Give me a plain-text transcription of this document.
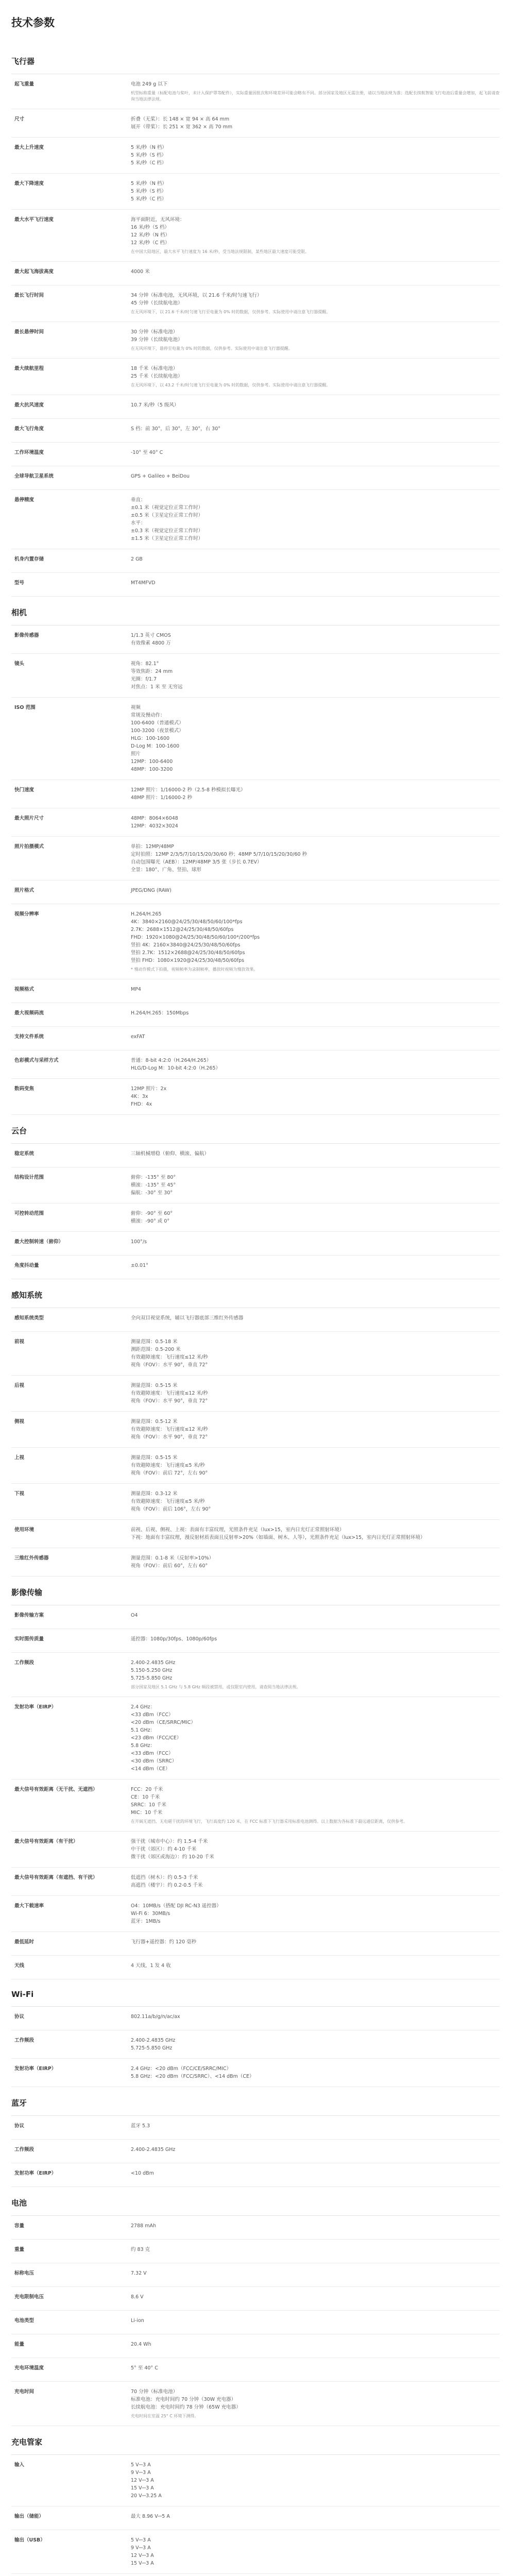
技术参数
飞行器
起飞重量	电池 249 g 以下
机型标称重量（标配电池与桨叶，未计入保护罩等配件），实际重量因批次和环境差异可能会略有不同。部分国家及地区无需注册，请以当地法规为准；选配长续航智能飞行电池后重量会增加，起飞前请查询当地法律法规。
尺寸	折叠（无桨）：长 148 × 宽 94 × 高 64 mm
展开（带桨）：长 251 × 宽 362 × 高 70 mm
最大上升速度	5 米/秒（N 档）
5 米/秒（S 档）
5 米/秒（C 档）
最大下降速度	5 米/秒（N 档）
5 米/秒（S 档）
5 米/秒（C 档）
最大水平飞行速度	海平面附近，无风环境：
16 米/秒（S 档）
12 米/秒（N 档）
12 米/秒（C 档）
在中国大陆地区，最大水平飞行速度为 16 米/秒，受当地法规限制，某些地区最大速度可能受限。
最大起飞海拔高度	4000 米
最长飞行时间	34 分钟（标准电池，无风环境，以 21.6 千米/时匀速飞行）
45 分钟（长续航电池）
在无风环境下，以 21.6 千米/时匀速飞行至电量为 0% 时的数据，仅供参考。实际使用中请注意飞行器提醒。
最长悬停时间	30 分钟（标准电池）
39 分钟（长续航电池）
在无风环境下，悬停至电量为 0% 时的数据，仅供参考。实际使用中请注意飞行器提醒。
最大续航里程	18 千米（标准电池）
25 千米（长续航电池）
在无风环境下，以 43.2 千米/时匀速飞行至电量为 0% 时的数据，仅供参考。实际使用中请注意飞行器提醒。
最大抗风速度	10.7 米/秒（5 级风）
最大飞行角度	S 档：前 30°，后 30°，左 30°，右 30°
工作环境温度	-10° 至 40° C
全球导航卫星系统	GPS + Galileo + BeiDou
悬停精度	垂直：
±0.1 米（视觉定位正常工作时）
±0.5 米（卫星定位正常工作时）
水平：
±0.3 米（视觉定位正常工作时）
±1.5 米（卫星定位正常工作时）
机身内置存储	2 GB
型号	MT4MFVD
相机
影像传感器	1/1.3 英寸 CMOS
有效像素 4800 万
镜头	视角：82.1°
等效焦距：24 mm
光圈：f/1.7
对焦点：1 米 至 无穷远
ISO 范围	视频
常规及慢动作：
100-6400（普通模式）
100-3200（夜景模式）
HLG：100-1600
D-Log M：100-1600
照片
12MP：100-6400
48MP：100-3200
快门速度	12MP 照片：1/16000-2 秒（2.5-8 秒模拟长曝光）
48MP 照片：1/16000-2 秒
最大照片尺寸	48MP：8064×6048
12MP：4032×3024
照片拍摄模式	单拍：12MP/48MP
定时拍照：12MP 2/3/5/7/10/15/20/30/60 秒；48MP 5/7/10/15/20/30/60 秒
自动包围曝光（AEB）：12MP/48MP 3/5 张（步长 0.7EV）
全景：180°、广角、竖拍、球形
照片格式	JPEG/DNG (RAW)
视频分辨率	H.264/H.265
4K：3840×2160@24/25/30/48/50/60/100*fps
2.7K：2688×1512@24/25/30/48/50/60fps
FHD：1920×1080@24/25/30/48/50/60/100*/200*fps
竖拍 4K：2160×3840@24/25/30/48/50/60fps
竖拍 2.7K：1512×2688@24/25/30/48/50/60fps
竖拍 FHD：1080×1920@24/25/30/48/50/60fps
* 慢动作模式下拍摄，视频帧率为录制帧率，播放时视频为慢放效果。
视频格式	MP4
最大视频码流	H.264/H.265：150Mbps
支持文件系统	exFAT
色彩模式与采样方式	普通：8-bit 4:2:0（H.264/H.265）
HLG/D-Log M：10-bit 4:2:0（H.265）
数码变焦	12MP 照片：2x
4K：3x
FHD：4x
云台
稳定系统	三轴机械增稳（俯仰、横滚、偏航）
结构设计范围	俯仰：-135° 至 80°
横滚：-135° 至 45°
偏航：-30° 至 30°
可控转动范围	俯仰：-90° 至 60°
横滚：-90° 或 0°
最大控制转速（俯仰）	100°/s
角度抖动量	±0.01°
感知系统
感知系统类型	全向双目视觉系统，辅以飞行器底部三维红外传感器
前视	测量范围：0.5-18 米
测距范围：0.5-200 米
有效避障速度：飞行速度≤12 米/秒
视角（FOV）：水平 90°，垂直 72°
后视	测量范围：0.5-15 米
有效避障速度：飞行速度≤12 米/秒
视角（FOV）：水平 90°，垂直 72°
侧视	测量范围：0.5-12 米
有效避障速度：飞行速度≤12 米/秒
视角（FOV）：水平 90°，垂直 72°
上视	测量范围：0.5-15 米
有效避障速度：飞行速度≤5 米/秒
视角（FOV）：前后 72°，左右 90°
下视	测量范围：0.3-12 米
有效避障速度：飞行速度≤5 米/秒
视角（FOV）：前后 106°，左右 90°
使用环境	前视、后视、侧视、上视：表面有丰富纹理，光照条件充足（lux>15，室内日光灯正常照射环境）
下视：地面有丰富纹理，漫反射材质表面且反射率>20%（如墙面、树木、人等），光照条件充足（lux>15，室内日光灯正常照射环境）
三维红外传感器	测量范围：0.1-8 米（反射率>10%）
视角（FOV）：前后 60°，左右 60°
影像传输
影像传输方案	O4
实时图传质量	遥控器：1080p/30fps、1080p/60fps
工作频段	2.400-2.4835 GHz
5.150-5.250 GHz
5.725-5.850 GHz
部分国家及地区 5.1 GHz 与 5.8 GHz 频段被禁用，或仅限室内使用，请查阅当地法律法规。
发射功率（EIRP）	2.4 GHz：
<33 dBm（FCC）
<20 dBm（CE/SRRC/MIC）
5.1 GHz：
<23 dBm（FCC/CE）
5.8 GHz：
<33 dBm（FCC）
<30 dBm（SRRC）
<14 dBm（CE）
最大信号有效距离（无干扰、无遮挡）	FCC：20 千米
CE：10 千米
SRRC：10 千米
MIC：10 千米
在开阔无遮挡、无电磁干扰的环境飞行，飞行高度约 120 米，在 FCC 标准下飞行器采用标准电池测得。以上数据为各标准下最远通信距离，仅供参考。
最大信号有效距离（有干扰）	强干扰（城市中心）：约 1.5-4 千米
中干扰（郊区）：约 4-10 千米
微干扰（郊区或海边）：约 10-20 千米
最大信号有效距离（有遮挡、有干扰）	低遮挡（树木）：约 0.5-3 千米
高遮挡（楼宇）：约 0.2-0.5 千米
最大下载速率	O4：10MB/s（搭配 DJI RC-N3 遥控器）
Wi-Fi 6：30MB/s
蓝牙：1MB/s
最低延时	飞行器+遥控器：约 120 毫秒
天线	4 天线，1 发 4 收
Wi-Fi
协议	802.11a/b/g/n/ac/ax
工作频段	2.400-2.4835 GHz
5.725-5.850 GHz
发射功率（EIRP）	2.4 GHz：<20 dBm（FCC/CE/SRRC/MIC）
5.8 GHz：<20 dBm（FCC/SRRC）、<14 dBm（CE）
蓝牙
协议	蓝牙 5.3
工作频段	2.400-2.4835 GHz
发射功率（EIRP）	<10 dBm
电池
容量	2788 mAh
重量	约 83 克
标称电压	7.32 V
充电限制电压	8.6 V
电池类型	Li-ion
能量	20.4 Wh
充电环境温度	5° 至 40° C
充电时间	70 分钟（标准电池）
标准电池：充电时间约 70 分钟（30W 充电器）
长续航电池：充电时间约 78 分钟（65W 充电器）
充电时间在室温 25° C 环境下测得。
充电管家
输入	5 V⎓3 A
9 V⎓3 A
12 V⎓3 A
15 V⎓3 A
20 V⎓3.25 A
输出（储能）	最大 8.96 V⎓5 A
输出（USB）	5 V⎓3 A
9 V⎓3 A
12 V⎓3 A
15 V⎓3 A
